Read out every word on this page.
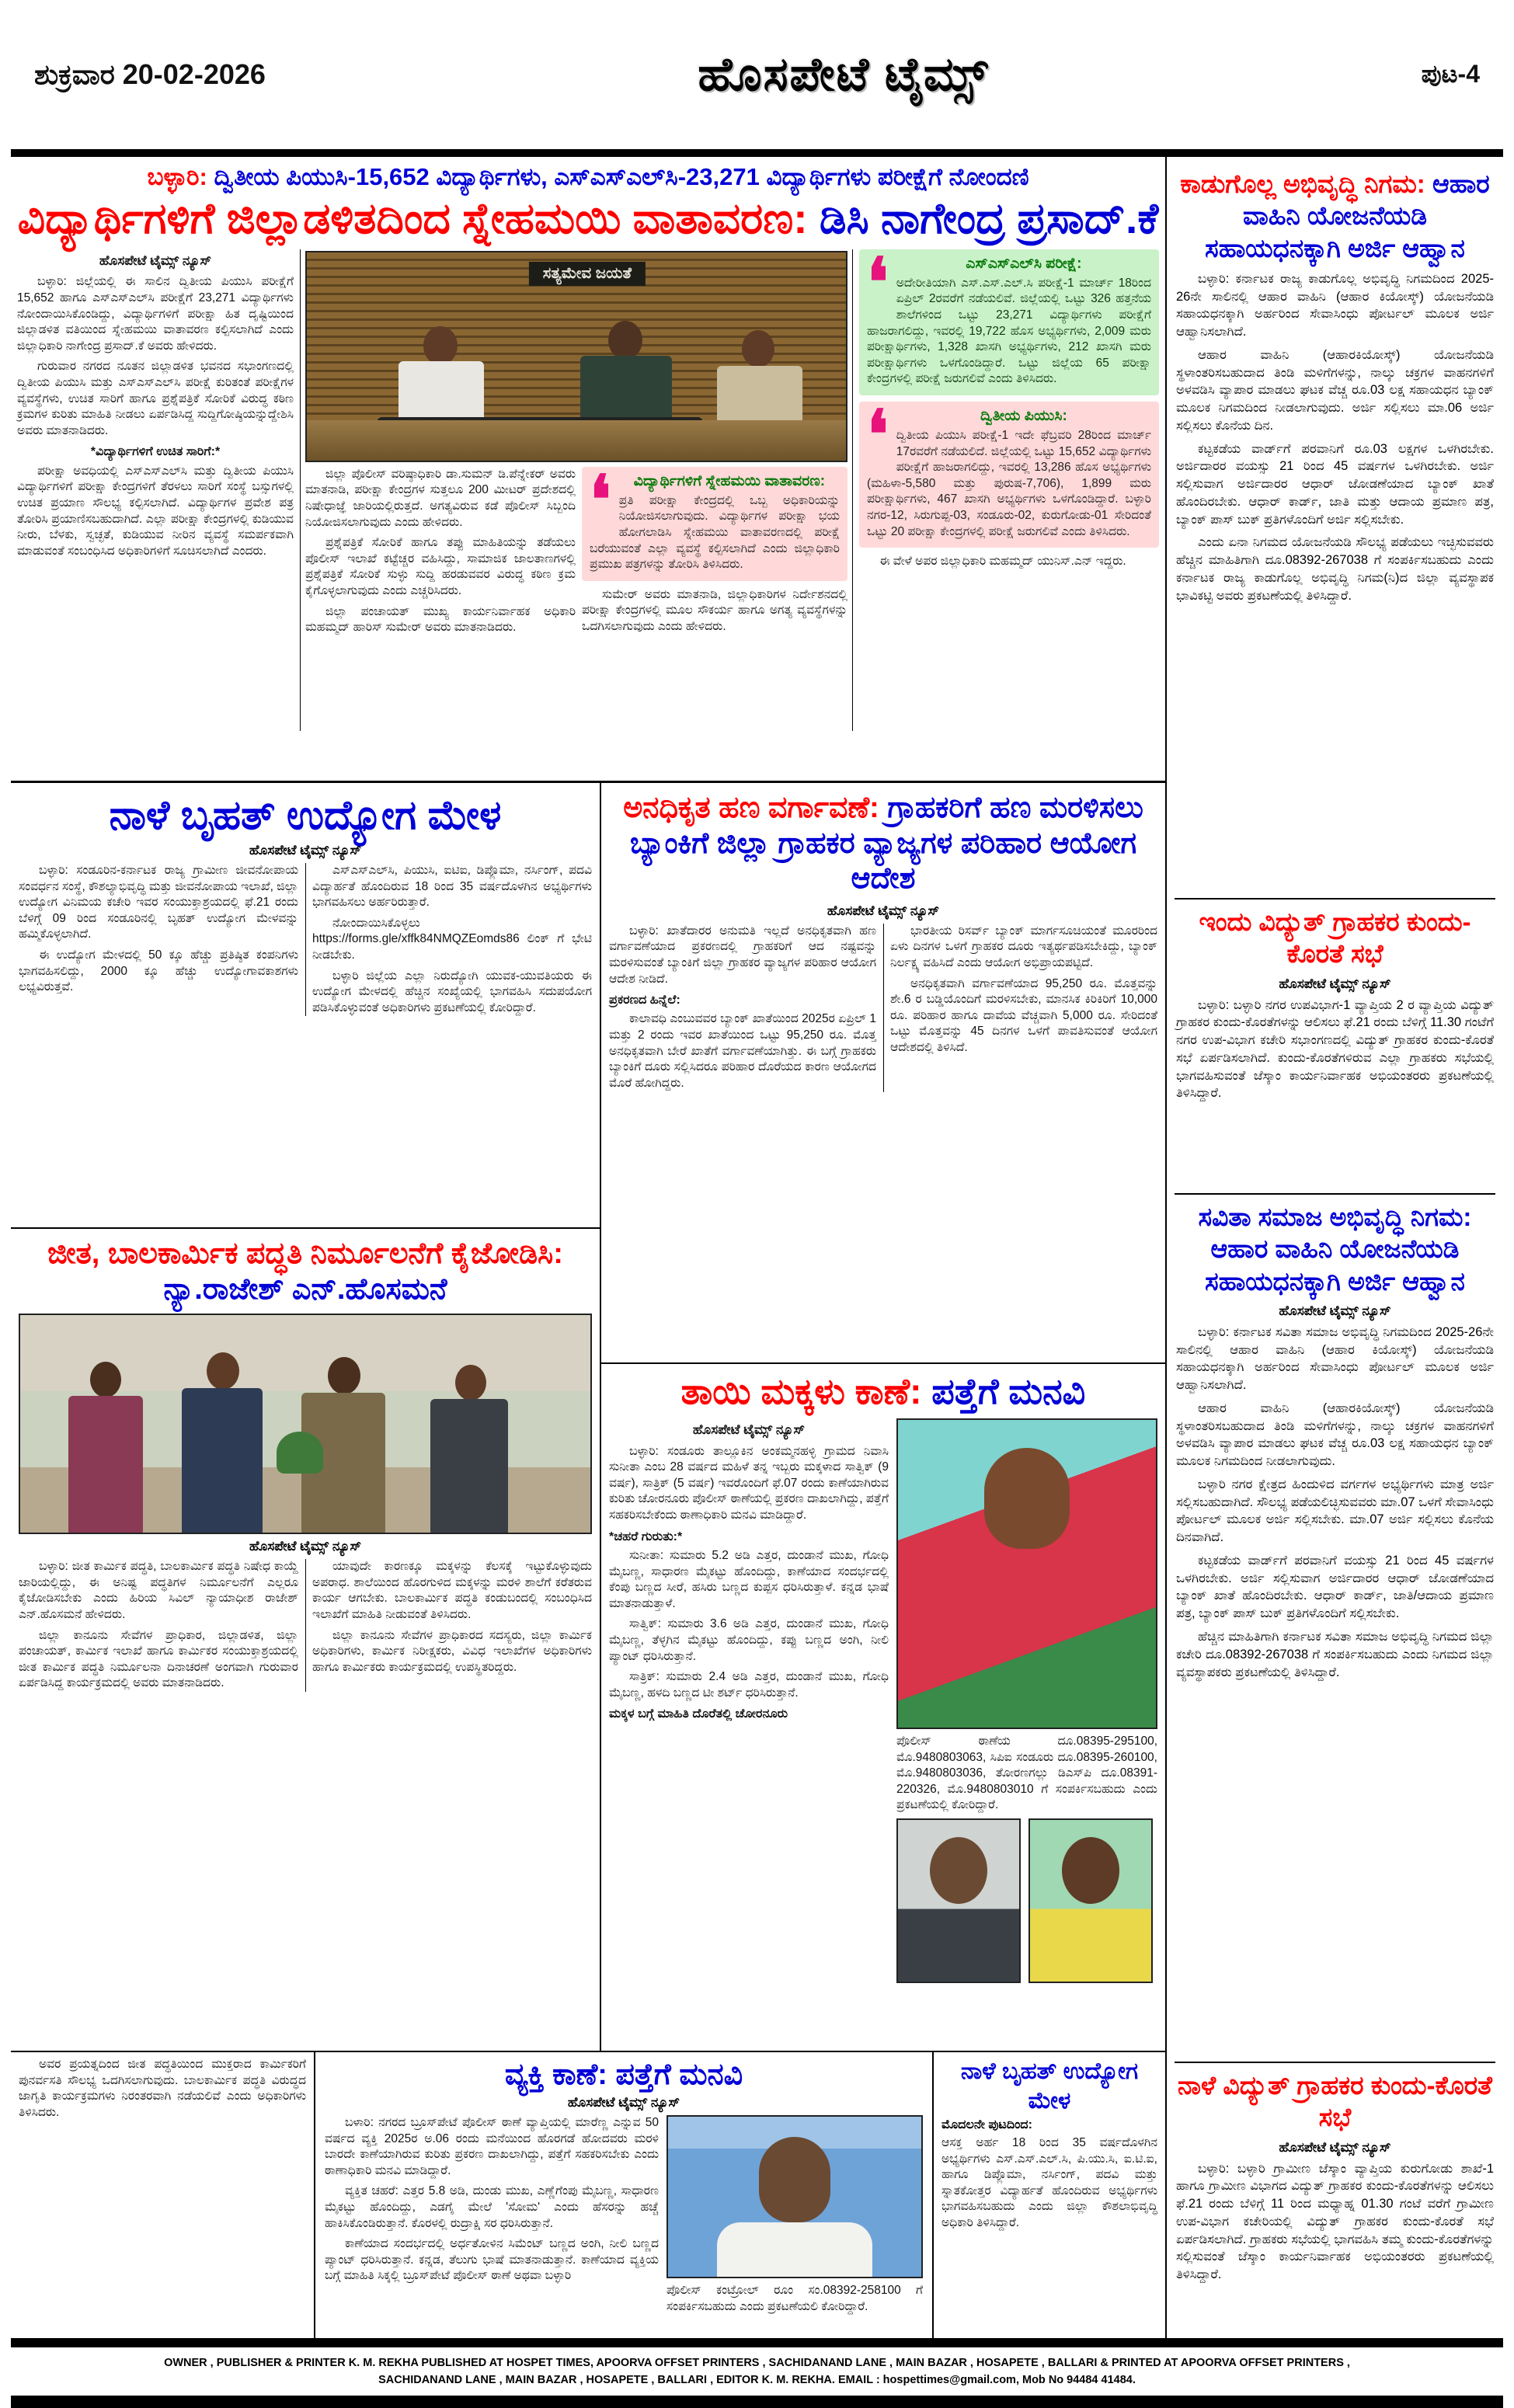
ಶುಕ್ರವಾರ 20-02-2026	ಹೊಸಪೇಟೆ ಟೈಮ್ಸ್	ಪುಟ-4
ಬಳ್ಳಾರಿ: ದ್ವಿತೀಯ ಪಿಯುಸಿ-15,652 ವಿದ್ಯಾರ್ಥಿಗಳು, ಎಸ್‌ಎಸ್‌ಎಲ್‌ಸಿ-23,271 ವಿದ್ಯಾರ್ಥಿಗಳು ಪರೀಕ್ಷೆಗೆ ನೋಂದಣಿ
ವಿದ್ಯಾರ್ಥಿಗಳಿಗೆ ಜಿಲ್ಲಾಡಳಿತದಿಂದ ಸ್ನೇಹಮಯಿ ವಾತಾವರಣ: ಡಿಸಿ ನಾಗೇಂದ್ರ ಪ್ರಸಾದ್.ಕೆ
ಹೊಸಪೇಟೆ ಟೈಮ್ಸ್ ನ್ಯೂಸ್

ಬಳ್ಳಾರಿ: ಜಿಲ್ಲೆಯಲ್ಲಿ ಈ ಸಾಲಿನ ದ್ವಿತೀಯ ಪಿಯುಸಿ ಪರೀಕ್ಷೆಗೆ 15,652 ಹಾಗೂ ಎಸ್‌ಎಸ್‌ಎಲ್‌ಸಿ ಪರೀಕ್ಷೆಗೆ 23,271 ವಿದ್ಯಾರ್ಥಿಗಳು ನೋಂದಾಯಿಸಿಕೊಂಡಿದ್ದು, ವಿದ್ಯಾರ್ಥಿಗಳಿಗೆ ಪರೀಕ್ಷಾ ಹಿತ ದೃಷ್ಟಿಯಿಂದ ಜಿಲ್ಲಾಡಳಿತ ವತಿಯಿಂದ ಸ್ನೇಹಮಯಿ ವಾತಾವರಣ ಕಲ್ಪಿಸಲಾಗಿದೆ ಎಂದು ಜಿಲ್ಲಾಧಿಕಾರಿ ನಾಗೇಂದ್ರ ಪ್ರಸಾದ್.ಕೆ ಅವರು ಹೇಳಿದರು.

ಗುರುವಾರ ನಗರದ ನೂತನ ಜಿಲ್ಲಾಡಳಿತ ಭವನದ ಸಭಾಂಗಣದಲ್ಲಿ ದ್ವಿತೀಯ ಪಿಯುಸಿ ಮತ್ತು ಎಸ್‌ಎಸ್‌ಎಲ್‌ಸಿ ಪರೀಕ್ಷೆ ಕುರಿತಂತೆ ಪರೀಕ್ಷೆಗಳ ವ್ಯವಸ್ಥೆಗಳು, ಉಚಿತ ಸಾರಿಗೆ ಹಾಗೂ ಪ್ರಶ್ನೆಪತ್ರಿಕೆ ಸೋರಿಕೆ ವಿರುದ್ಧ ಕಠಿಣ ಕ್ರಮಗಳ ಕುರಿತು ಮಾಹಿತಿ ನೀಡಲು ಏರ್ಪಡಿಸಿದ್ದ ಸುದ್ದಿಗೋಷ್ಠಿಯನ್ನುದ್ದೇಶಿಸಿ ಅವರು ಮಾತನಾಡಿದರು.

*ವಿದ್ಯಾರ್ಥಿಗಳಿಗೆ ಉಚಿತ ಸಾರಿಗೆ:*

ಪರೀಕ್ಷಾ ಅವಧಿಯಲ್ಲಿ ಎಸ್‌ಎಸ್‌ಎಲ್‌ಸಿ ಮತ್ತು ದ್ವಿತೀಯ ಪಿಯುಸಿ ವಿದ್ಯಾರ್ಥಿಗಳಿಗೆ ಪರೀಕ್ಷಾ ಕೇಂದ್ರಗಳಿಗೆ ತೆರಳಲು ಸಾರಿಗೆ ಸಂಸ್ಥೆ ಬಸ್ಸುಗಳಲ್ಲಿ ಉಚಿತ ಪ್ರಯಾಣ ಸೌಲಭ್ಯ ಕಲ್ಪಿಸಲಾಗಿದೆ. ವಿದ್ಯಾರ್ಥಿಗಳ ಪ್ರವೇಶ ಪತ್ರ ತೋರಿಸಿ ಪ್ರಯಾಣಿಸಬಹುದಾಗಿದೆ. ಎಲ್ಲಾ ಪರೀಕ್ಷಾ ಕೇಂದ್ರಗಳಲ್ಲಿ ಕುಡಿಯುವ ನೀರು, ಬೆಳಕು, ಸ್ವಚ್ಛತೆ, ಕುಡಿಯುವ ನೀರಿನ ವ್ಯವಸ್ಥೆ ಸಮರ್ಪಕವಾಗಿ ಮಾಡುವಂತೆ ಸಂಬಂಧಿಸಿದ ಅಧಿಕಾರಿಗಳಿಗೆ ಸೂಚಿಸಲಾಗಿದೆ ಎಂದರು.

ಸತ್ಯಮೇವ ಜಯತೆ

ಜಿಲ್ಲಾ ಪೊಲೀಸ್ ವರಿಷ್ಠಾಧಿಕಾರಿ ಡಾ.ಸುಮನ್ ಡಿ.ಪೆನ್ನೇಕರ್ ಅವರು ಮಾತನಾಡಿ, ಪರೀಕ್ಷಾ ಕೇಂದ್ರಗಳ ಸುತ್ತಲೂ 200 ಮೀಟರ್ ಪ್ರದೇಶದಲ್ಲಿ ನಿಷೇಧಾಜ್ಞೆ ಜಾರಿಯಲ್ಲಿರುತ್ತದೆ. ಅಗತ್ಯವಿರುವ ಕಡೆ ಪೊಲೀಸ್ ಸಿಬ್ಬಂದಿ ನಿಯೋಜಿಸಲಾಗುವುದು ಎಂದು ಹೇಳಿದರು.

ಪ್ರಶ್ನೆಪತ್ರಿಕೆ ಸೋರಿಕೆ ಹಾಗೂ ತಪ್ಪು ಮಾಹಿತಿಯನ್ನು ತಡೆಯಲು ಪೊಲೀಸ್ ಇಲಾಖೆ ಕಟ್ಟೆಚ್ಚರ ವಹಿಸಿದ್ದು, ಸಾಮಾಜಿಕ ಜಾಲತಾಣಗಳಲ್ಲಿ ಪ್ರಶ್ನೆಪತ್ರಿಕೆ ಸೋರಿಕೆ ಸುಳ್ಳು ಸುದ್ದಿ ಹರಡುವವರ ವಿರುದ್ಧ ಕಠಿಣ ಕ್ರಮ ಕೈಗೊಳ್ಳಲಾಗುವುದು ಎಂದು ಎಚ್ಚರಿಸಿದರು.

ಜಿಲ್ಲಾ ಪಂಚಾಯತ್ ಮುಖ್ಯ ಕಾರ್ಯನಿರ್ವಾಹಕ ಅಧಿಕಾರಿ ಮಹಮ್ಮದ್ ಹಾರಿಸ್ ಸುಮೇರ್ ಅವರು ಮಾತನಾಡಿದರು.

❛	ವಿದ್ಯಾರ್ಥಿಗಳಿಗೆ ಸ್ನೇಹಮಯಿ ವಾತಾವರಣ:
ಪ್ರತಿ ಪರೀಕ್ಷಾ ಕೇಂದ್ರದಲ್ಲಿ ಒಬ್ಬ ಅಧಿಕಾರಿಯನ್ನು ನಿಯೋಜಿಸಲಾಗುವುದು. ವಿದ್ಯಾರ್ಥಿಗಳ ಪರೀಕ್ಷಾ ಭಯ ಹೋಗಲಾಡಿಸಿ ಸ್ನೇಹಮಯಿ ವಾತಾವರಣದಲ್ಲಿ ಪರೀಕ್ಷೆ ಬರೆಯುವಂತೆ ಎಲ್ಲಾ ವ್ಯವಸ್ಥೆ ಕಲ್ಪಿಸಲಾಗಿದೆ ಎಂದು ಜಿಲ್ಲಾಧಿಕಾರಿ ಪ್ರಮುಖ ಪತ್ರಗಳನ್ನು ತೋರಿಸಿ ತಿಳಿಸಿದರು.

ಸುಮೇರ್ ಅವರು ಮಾತನಾಡಿ, ಜಿಲ್ಲಾಧಿಕಾರಿಗಳ ನಿರ್ದೇಶನದಲ್ಲಿ ಪರೀಕ್ಷಾ ಕೇಂದ್ರಗಳಲ್ಲಿ ಮೂಲ ಸೌಕರ್ಯ ಹಾಗೂ ಅಗತ್ಯ ವ್ಯವಸ್ಥೆಗಳನ್ನು ಒದಗಿಸಲಾಗುವುದು ಎಂದು ಹೇಳಿದರು.

❛	ಎಸ್‌ಎಸ್‌ಎಲ್‌ಸಿ ಪರೀಕ್ಷೆ:
ಅದೇರೀತಿಯಾಗಿ ಎಸ್.ಎಸ್.ಎಲ್.ಸಿ ಪರೀಕ್ಷೆ-1 ಮಾರ್ಚ್ 18ರಿಂದ ಏಪ್ರಿಲ್ 2ರವರೆಗೆ ನಡೆಯಲಿವೆ. ಜಿಲ್ಲೆಯಲ್ಲಿ ಒಟ್ಟು 326 ಹತ್ತನೆಯ ಶಾಲೆಗಳಿಂದ ಒಟ್ಟು 23,271 ವಿದ್ಯಾರ್ಥಿಗಳು ಪರೀಕ್ಷೆಗೆ ಹಾಜರಾಗಲಿದ್ದು, ಇವರಲ್ಲಿ 19,722 ಹೊಸ ಅಭ್ಯರ್ಥಿಗಳು, 2,009 ಮರು ಪರೀಕ್ಷಾರ್ಥಿಗಳು, 1,328 ಖಾಸಗಿ ಅಭ್ಯರ್ಥಿಗಳು, 212 ಖಾಸಗಿ ಮರು ಪರೀಕ್ಷಾರ್ಥಿಗಳು ಒಳಗೊಂಡಿದ್ದಾರೆ. ಒಟ್ಟು ಜಿಲ್ಲೆಯ 65 ಪರೀಕ್ಷಾ ಕೇಂದ್ರಗಳಲ್ಲಿ ಪರೀಕ್ಷೆ ಜರುಗಲಿವೆ ಎಂದು ತಿಳಿಸಿದರು.
❛	ದ್ವಿತೀಯ ಪಿಯುಸಿ:
ದ್ವಿತೀಯ ಪಿಯುಸಿ ಪರೀಕ್ಷೆ-1 ಇದೇ ಫೆಬ್ರವರಿ 28ರಿಂದ ಮಾರ್ಚ್ 17ರವರೆಗೆ ನಡೆಯಲಿದೆ. ಜಿಲ್ಲೆಯಲ್ಲಿ ಒಟ್ಟು 15,652 ವಿದ್ಯಾರ್ಥಿಗಳು ಪರೀಕ್ಷೆಗೆ ಹಾಜರಾಗಲಿದ್ದು, ಇವರಲ್ಲಿ 13,286 ಹೊಸ ಅಭ್ಯರ್ಥಿಗಳು (ಮಹಿಳಾ-5,580 ಮತ್ತು ಪುರುಷ-7,706), 1,899 ಮರು ಪರೀಕ್ಷಾರ್ಥಿಗಳು, 467 ಖಾಸಗಿ ಅಭ್ಯರ್ಥಿಗಳು ಒಳಗೊಂಡಿದ್ದಾರೆ. ಬಳ್ಳಾರಿ ನಗರ-12, ಸಿರುಗುಪ್ಪ-03, ಸಂಡೂರು-02, ಕುರುಗೋಡು-01 ಸೇರಿದಂತೆ ಒಟ್ಟು 20 ಪರೀಕ್ಷಾ ಕೇಂದ್ರಗಳಲ್ಲಿ ಪರೀಕ್ಷೆ ಜರುಗಲಿವೆ ಎಂದು ತಿಳಿಸಿದರು.

ಈ ವೇಳೆ ಅಪರ ಜಿಲ್ಲಾಧಿಕಾರಿ ಮಹಮ್ಮದ್ ಯುನಿಸ್.ಎನ್ ಇದ್ದರು.

ನಾಳೆ ಬೃಹತ್ ಉದ್ಯೋಗ ಮೇಳ
ಹೊಸಪೇಟೆ ಟೈಮ್ಸ್ ನ್ಯೂಸ್

ಬಳ್ಳಾರಿ: ಸಂಡೂರಿನ-ಕರ್ನಾಟಕ ರಾಜ್ಯ ಗ್ರಾಮೀಣ ಜೀವನೋಪಾಯ ಸಂವರ್ಧನ ಸಂಸ್ಥೆ, ಕೌಶಲ್ಯಾಭಿವೃದ್ಧಿ ಮತ್ತು ಜೀವನೋಪಾಯ ಇಲಾಖೆ, ಜಿಲ್ಲಾ ಉದ್ಯೋಗ ವಿನಿಮಯ ಕಚೇರಿ ಇವರ ಸಂಯುಕ್ತಾಶ್ರಯದಲ್ಲಿ ಫೆ.21 ರಂದು ಬೆಳಿಗ್ಗೆ 09 ರಿಂದ ಸಂಡೂರಿನಲ್ಲಿ ಬೃಹತ್ ಉದ್ಯೋಗ ಮೇಳವನ್ನು ಹಮ್ಮಿಕೊಳ್ಳಲಾಗಿದೆ.

ಈ ಉದ್ಯೋಗ ಮೇಳದಲ್ಲಿ 50 ಕ್ಕೂ ಹೆಚ್ಚು ಪ್ರತಿಷ್ಠಿತ ಕಂಪನಿಗಳು ಭಾಗವಹಿಸಲಿದ್ದು, 2000 ಕ್ಕೂ ಹೆಚ್ಚು ಉದ್ಯೋಗಾವಕಾಶಗಳು ಲಭ್ಯವಿರುತ್ತವೆ.

ಎಸ್‌ಎಸ್‌ಎಲ್‌ಸಿ, ಪಿಯುಸಿ, ಐಟಿಐ, ಡಿಪ್ಲೊಮಾ, ನರ್ಸಿಂಗ್, ಪದವಿ ವಿದ್ಯಾರ್ಹತೆ ಹೊಂದಿರುವ 18 ರಿಂದ 35 ವರ್ಷದೊಳಗಿನ ಅಭ್ಯರ್ಥಿಗಳು ಭಾಗವಹಿಸಲು ಅರ್ಹರಿರುತ್ತಾರೆ.

ನೋಂದಾಯಿಸಿಕೊಳ್ಳಲು https://forms.gle/xffk84NMQZEomds86 ಲಿಂಕ್ ಗೆ ಭೇಟಿ ನೀಡಬೇಕು.

ಬಳ್ಳಾರಿ ಜಿಲ್ಲೆಯ ಎಲ್ಲಾ ನಿರುದ್ಯೋಗಿ ಯುವಕ-ಯುವತಿಯರು ಈ ಉದ್ಯೋಗ ಮೇಳದಲ್ಲಿ ಹೆಚ್ಚಿನ ಸಂಖ್ಯೆಯಲ್ಲಿ ಭಾಗವಹಿಸಿ ಸದುಪಯೋಗ ಪಡಿಸಿಕೊಳ್ಳುವಂತೆ ಅಧಿಕಾರಿಗಳು ಪ್ರಕಟಣೆಯಲ್ಲಿ ಕೋರಿದ್ದಾರೆ.

ಜೀತ, ಬಾಲಕಾರ್ಮಿಕ ಪದ್ಧತಿ ನಿರ್ಮೂಲನೆಗೆ ಕೈಜೋಡಿಸಿ:
ನ್ಯಾ.ರಾಜೇಶ್ ಎನ್.ಹೊಸಮನೆ
ಹೊಸಪೇಟೆ ಟೈಮ್ಸ್ ನ್ಯೂಸ್

ಬಳ್ಳಾರಿ: ಜೀತ ಕಾರ್ಮಿಕ ಪದ್ಧತಿ, ಬಾಲಕಾರ್ಮಿಕ ಪದ್ಧತಿ ನಿಷೇಧ ಕಾಯ್ದೆ ಜಾರಿಯಲ್ಲಿದ್ದು, ಈ ಅನಿಷ್ಟ ಪದ್ಧತಿಗಳ ನಿರ್ಮೂಲನೆಗೆ ಎಲ್ಲರೂ ಕೈಜೋಡಿಸಬೇಕು ಎಂದು ಹಿರಿಯ ಸಿವಿಲ್ ನ್ಯಾಯಾಧೀಶ ರಾಜೇಶ್ ಎನ್.ಹೊಸಮನೆ ಹೇಳಿದರು.

ಜಿಲ್ಲಾ ಕಾನೂನು ಸೇವೆಗಳ ಪ್ರಾಧಿಕಾರ, ಜಿಲ್ಲಾಡಳಿತ, ಜಿಲ್ಲಾ ಪಂಚಾಯತ್, ಕಾರ್ಮಿಕ ಇಲಾಖೆ ಹಾಗೂ ಕಾರ್ಮಿಕರ ಸಂಯುಕ್ತಾಶ್ರಯದಲ್ಲಿ ಜೀತ ಕಾರ್ಮಿಕ ಪದ್ಧತಿ ನಿರ್ಮೂಲನಾ ದಿನಾಚರಣೆ ಅಂಗವಾಗಿ ಗುರುವಾರ ಏರ್ಪಡಿಸಿದ್ದ ಕಾರ್ಯಕ್ರಮದಲ್ಲಿ ಅವರು ಮಾತನಾಡಿದರು.

ಯಾವುದೇ ಕಾರಣಕ್ಕೂ ಮಕ್ಕಳನ್ನು ಕೆಲಸಕ್ಕೆ ಇಟ್ಟುಕೊಳ್ಳುವುದು ಅಪರಾಧ. ಶಾಲೆಯಿಂದ ಹೊರಗುಳಿದ ಮಕ್ಕಳನ್ನು ಮರಳಿ ಶಾಲೆಗೆ ಕರೆತರುವ ಕಾರ್ಯ ಆಗಬೇಕು. ಬಾಲಕಾರ್ಮಿಕ ಪದ್ಧತಿ ಕಂಡುಬಂದಲ್ಲಿ ಸಂಬಂಧಿಸಿದ ಇಲಾಖೆಗೆ ಮಾಹಿತಿ ನೀಡುವಂತೆ ತಿಳಿಸಿದರು.

ಜಿಲ್ಲಾ ಕಾನೂನು ಸೇವೆಗಳ ಪ್ರಾಧಿಕಾರದ ಸದಸ್ಯರು, ಜಿಲ್ಲಾ ಕಾರ್ಮಿಕ ಅಧಿಕಾರಿಗಳು, ಕಾರ್ಮಿಕ ನಿರೀಕ್ಷಕರು, ವಿವಿಧ ಇಲಾಖೆಗಳ ಅಧಿಕಾರಿಗಳು ಹಾಗೂ ಕಾರ್ಮಿಕರು ಕಾರ್ಯಕ್ರಮದಲ್ಲಿ ಉಪಸ್ಥಿತರಿದ್ದರು.

ಅನಧಿಕೃತ ಹಣ ವರ್ಗಾವಣೆ: ಗ್ರಾಹಕರಿಗೆ ಹಣ ಮರಳಿಸಲು ಬ್ಯಾಂಕಿಗೆ ಜಿಲ್ಲಾ ಗ್ರಾಹಕರ ವ್ಯಾಜ್ಯಗಳ ಪರಿಹಾರ ಆಯೋಗ ಆದೇಶ
ಹೊಸಪೇಟೆ ಟೈಮ್ಸ್ ನ್ಯೂಸ್

ಬಳ್ಳಾರಿ: ಖಾತೆದಾರರ ಅನುಮತಿ ಇಲ್ಲದೆ ಅನಧಿಕೃತವಾಗಿ ಹಣ ವರ್ಗಾವಣೆಯಾದ ಪ್ರಕರಣದಲ್ಲಿ ಗ್ರಾಹಕರಿಗೆ ಆದ ನಷ್ಟವನ್ನು ಮರಳಿಸುವಂತೆ ಬ್ಯಾಂಕಿಗೆ ಜಿಲ್ಲಾ ಗ್ರಾಹಕರ ವ್ಯಾಜ್ಯಗಳ ಪರಿಹಾರ ಆಯೋಗ ಆದೇಶ ನೀಡಿದೆ.

ಪ್ರಕರಣದ ಹಿನ್ನೆಲೆ:

ಕಾಲಾವಧಿ ಎಂಬುವವರ ಬ್ಯಾಂಕ್ ಖಾತೆಯಿಂದ 2025ರ ಏಪ್ರಿಲ್ 1 ಮತ್ತು 2 ರಂದು ಇವರ ಖಾತೆಯಿಂದ ಒಟ್ಟು 95,250 ರೂ. ಮೊತ್ತ ಅನಧಿಕೃತವಾಗಿ ಬೇರೆ ಖಾತೆಗೆ ವರ್ಗಾವಣೆಯಾಗಿತ್ತು. ಈ ಬಗ್ಗೆ ಗ್ರಾಹಕರು ಬ್ಯಾಂಕಿಗೆ ದೂರು ಸಲ್ಲಿಸಿದರೂ ಪರಿಹಾರ ದೊರೆಯದ ಕಾರಣ ಆಯೋಗದ ಮೊರೆ ಹೋಗಿದ್ದರು.

ಭಾರತೀಯ ರಿಸರ್ವ್ ಬ್ಯಾಂಕ್ ಮಾರ್ಗಸೂಚಿಯಂತೆ ಮೂರರಿಂದ ಏಳು ದಿನಗಳ ಒಳಗೆ ಗ್ರಾಹಕರ ದೂರು ಇತ್ಯರ್ಥಪಡಿಸಬೇಕಿದ್ದು, ಬ್ಯಾಂಕ್ ನಿರ್ಲಕ್ಷ್ಯ ವಹಿಸಿದೆ ಎಂದು ಆಯೋಗ ಅಭಿಪ್ರಾಯಪಟ್ಟಿದೆ.

ಅನಧಿಕೃತವಾಗಿ ವರ್ಗಾವಣೆಯಾದ 95,250 ರೂ. ಮೊತ್ತವನ್ನು ಶೇ.6 ರ ಬಡ್ಡಿಯೊಂದಿಗೆ ಮರಳಿಸಬೇಕು, ಮಾನಸಿಕ ಕಿರಿಕಿರಿಗೆ 10,000 ರೂ. ಪರಿಹಾರ ಹಾಗೂ ದಾವೆಯ ವೆಚ್ಚವಾಗಿ 5,000 ರೂ. ಸೇರಿದಂತೆ ಒಟ್ಟು ಮೊತ್ತವನ್ನು 45 ದಿನಗಳ ಒಳಗೆ ಪಾವತಿಸುವಂತೆ ಆಯೋಗ ಆದೇಶದಲ್ಲಿ ತಿಳಿಸಿದೆ.

ತಾಯಿ ಮಕ್ಕಳು ಕಾಣೆ: ಪತ್ತೆಗೆ ಮನವಿ
ಹೊಸಪೇಟೆ ಟೈಮ್ಸ್ ನ್ಯೂಸ್

ಬಳ್ಳಾರಿ: ಸಂಡೂರು ತಾಲ್ಲೂಕಿನ ಅಂಕಮ್ಮನಹಳ್ಳಿ ಗ್ರಾಮದ ನಿವಾಸಿ ಸುನೀತಾ ಎಂಬ 28 ವರ್ಷದ ಮಹಿಳೆ ತನ್ನ ಇಬ್ಬರು ಮಕ್ಕಳಾದ ಸಾತ್ವಿಕ್ (9 ವರ್ಷ), ಸಾತ್ರಿಕ್ (5 ವರ್ಷ) ಇವರೊಂದಿಗೆ ಫೆ.07 ರಂದು ಕಾಣೆಯಾಗಿರುವ ಕುರಿತು ಚೋರನೂರು ಪೊಲೀಸ್ ಠಾಣೆಯಲ್ಲಿ ಪ್ರಕರಣ ದಾಖಲಾಗಿದ್ದು, ಪತ್ತೆಗೆ ಸಹಕರಿಸಬೇಕೆಂದು ಠಾಣಾಧಿಕಾರಿ ಮನವಿ ಮಾಡಿದ್ದಾರೆ.

*ಚಹರೆ ಗುರುತು:*

ಸುನೀತಾ: ಸುಮಾರು 5.2 ಅಡಿ ಎತ್ತರ, ದುಂಡಾನೆ ಮುಖ, ಗೋಧಿ ಮೈಬಣ್ಣ, ಸಾಧಾರಣ ಮೈಕಟ್ಟು ಹೊಂದಿದ್ದು, ಕಾಣೆಯಾದ ಸಂದರ್ಭದಲ್ಲಿ ಕೆಂಪು ಬಣ್ಣದ ಸೀರೆ, ಹಸಿರು ಬಣ್ಣದ ಕುಪ್ಪಸ ಧರಿಸಿರುತ್ತಾಳೆ. ಕನ್ನಡ ಭಾಷೆ ಮಾತನಾಡುತ್ತಾಳೆ.

ಸಾತ್ವಿಕ್: ಸುಮಾರು 3.6 ಅಡಿ ಎತ್ತರ, ದುಂಡಾನೆ ಮುಖ, ಗೋಧಿ ಮೈಬಣ್ಣ, ತೆಳ್ಳಗಿನ ಮೈಕಟ್ಟು ಹೊಂದಿದ್ದು, ಕಪ್ಪು ಬಣ್ಣದ ಅಂಗಿ, ನೀಲಿ ಪ್ಯಾಂಟ್ ಧರಿಸಿರುತ್ತಾನೆ.

ಸಾತ್ರಿಕ್: ಸುಮಾರು 2.4 ಅಡಿ ಎತ್ತರ, ದುಂಡಾನೆ ಮುಖ, ಗೋಧಿ ಮೈಬಣ್ಣ, ಹಳದಿ ಬಣ್ಣದ ಟೀ ಶರ್ಟ್ ಧರಿಸಿರುತ್ತಾನೆ.

ಮಕ್ಕಳ ಬಗ್ಗೆ ಮಾಹಿತಿ ದೊರೆತಲ್ಲಿ ಚೋರನೂರು

ಪೊಲೀಸ್ ಠಾಣೆಯ ದೂ.08395-295100, ಮೊ.9480803063, ಸಿಪಿಐ ಸಂಡೂರು ದೂ.08395-260100, ಮೊ.9480803036, ತೋರಣಗಲ್ಲು ಡಿಎಸ್‌ಪಿ ದೂ.08391-220326, ಮೊ.9480803010 ಗೆ ಸಂಪರ್ಕಿಸಬಹುದು ಎಂದು ಪ್ರಕಟಣೆಯಲ್ಲಿ ಕೋರಿದ್ದಾರೆ.

ಅವರ ಪ್ರಯತ್ನದಿಂದ ಜೀತ ಪದ್ಧತಿಯಿಂದ ಮುಕ್ತರಾದ ಕಾರ್ಮಿಕರಿಗೆ ಪುನರ್ವಸತಿ ಸೌಲಭ್ಯ ಒದಗಿಸಲಾಗುವುದು. ಬಾಲಕಾರ್ಮಿಕ ಪದ್ಧತಿ ವಿರುದ್ಧದ ಜಾಗೃತಿ ಕಾರ್ಯಕ್ರಮಗಳು ನಿರಂತರವಾಗಿ ನಡೆಯಲಿವೆ ಎಂದು ಅಧಿಕಾರಿಗಳು ತಿಳಿಸಿದರು.

ವ್ಯಕ್ತಿ ಕಾಣೆ: ಪತ್ತೆಗೆ ಮನವಿ
ಹೊಸಪೇಟೆ ಟೈಮ್ಸ್ ನ್ಯೂಸ್

ಬಳಾರಿ: ನಗರದ ಬ್ರೂಸ್‌ಪೇಟೆ ಪೊಲೀಸ್ ಠಾಣೆ ವ್ಯಾಪ್ತಿಯಲ್ಲಿ ಮಾರೆಣ್ಣ ಎನ್ನುವ 50 ವರ್ಷದ ವ್ಯಕ್ತಿ 2025ರ ಅ.06 ರಂದು ಮನೆಯಿಂದ ಹೊರಗಡೆ ಹೋದವರು ಮರಳಿ ಬಾರದೇ ಕಾಣೆಯಾಗಿರುವ ಕುರಿತು ಪ್ರಕರಣ ದಾಖಲಾಗಿದ್ದು, ಪತ್ತೆಗೆ ಸಹಕರಿಸಬೇಕು ಎಂದು ಠಾಣಾಧಿಕಾರಿ ಮನವಿ ಮಾಡಿದ್ದಾರೆ.

ವ್ಯಕ್ತಿತ ಚಹರೆ: ಎತ್ತರ 5.8 ಅಡಿ, ದುಂಡು ಮುಖ, ಎಣ್ಣೆಗೆಂಪು ಮೈಬಣ್ಣ, ಸಾಧಾರಣ ಮೈಕಟ್ಟು ಹೊಂದಿದ್ದು, ಎಡಗೈ ಮೇಲೆ 'ಸೋಮ' ಎಂದು ಹೆಸರನ್ನು ಹಚ್ಚೆ ಹಾಕಿಸಿಕೊಂಡಿರುತ್ತಾನೆ. ಕೊರಳಲ್ಲಿ ರುದ್ರಾಕ್ಷಿ ಸರ ಧರಿಸಿರುತ್ತಾನೆ.

ಕಾಣೆಯಾದ ಸಂದರ್ಭದಲ್ಲಿ ಅರ್ಧತೋಳಿನ ಸಿಮೆಂಟ್ ಬಣ್ಣದ ಅಂಗಿ, ನೀಲಿ ಬಣ್ಣದ ಪ್ಯಾಂಟ್ ಧರಿಸಿರುತ್ತಾನೆ. ಕನ್ನಡ, ತೆಲುಗು ಭಾಷೆ ಮಾತನಾಡುತ್ತಾನೆ. ಕಾಣೆಯಾದ ವ್ಯಕ್ತಿಯ ಬಗ್ಗೆ ಮಾಹಿತಿ ಸಿಕ್ಕಲ್ಲಿ ಬ್ರೂಸ್‌ಪೇಟೆ ಪೊಲೀಸ್ ಠಾಣೆ ಅಥವಾ ಬಳ್ಳಾರಿ

ಪೊಲೀಸ್ ಕಂಟ್ರೋಲ್ ರೂಂ ಸಂ.08392-258100 ಗೆ ಸಂಪರ್ಕಿಸಬಹುದು ಎಂದು ಪ್ರಕಟಣೆಯಲಿ ಕೋರಿದ್ದಾರೆ.

ನಾಳೆ ಬೃಹತ್ ಉದ್ಯೋಗ ಮೇಳ
ಮೊದಲನೇ ಪುಟದಿಂದ:

ಆಸಕ್ತ ಅರ್ಹ 18 ರಿಂದ 35 ವರ್ಷದೊಳಗಿನ ಅಭ್ಯರ್ಥಿಗಳು ಎಸ್.ಎಸ್.ಎಲ್.ಸಿ, ಪಿ.ಯು.ಸಿ, ಐ.ಟಿ.ಐ, ಹಾಗೂ ಡಿಪ್ಲೊಮಾ, ನರ್ಸಿಂಗ್, ಪದವಿ ಮತ್ತು ಸ್ನಾತಕೋತ್ತರ ವಿದ್ಯಾರ್ಹತೆ ಹೊಂದಿರುವ ಅಭ್ಯರ್ಥಿಗಳು ಭಾಗವಹಿಸಬಹುದು ಎಂದು ಜಿಲ್ಲಾ ಕೌಶಲಾಭಿವೃದ್ಧಿ ಅಧಿಕಾರಿ ತಿಳಿಸಿದ್ದಾರೆ.

ಕಾಡುಗೊಲ್ಲ ಅಭಿವೃದ್ಧಿ ನಿಗಮ: ಆಹಾರ ವಾಹಿನಿ ಯೋಜನೆಯಡಿ ಸಹಾಯಧನಕ್ಕಾಗಿ ಅರ್ಜಿ ಆಹ್ವಾನ

ಬಳ್ಳಾರಿ: ಕರ್ನಾಟಕ ರಾಜ್ಯ ಕಾಡುಗೊಲ್ಲ ಅಭಿವೃದ್ಧಿ ನಿಗಮದಿಂದ 2025-26ನೇ ಸಾಲಿನಲ್ಲಿ ಆಹಾರ ವಾಹಿನಿ (ಆಹಾರ ಕಿಯೋಸ್ಕ್) ಯೋಜನೆಯಡಿ ಸಹಾಯಧನಕ್ಕಾಗಿ ಅರ್ಹರಿಂದ ಸೇವಾಸಿಂಧು ಪೋರ್ಟಲ್ ಮೂಲಕ ಅರ್ಜಿ ಆಹ್ವಾನಿಸಲಾಗಿದೆ.

ಆಹಾರ ವಾಹಿನಿ (ಆಹಾರಕಿಯೋಸ್ಕ್) ಯೋಜನೆಯಡಿ ಸ್ಥಳಾಂತರಿಸಬಹುದಾದ ತಿಂಡಿ ಮಳಿಗೆಗಳನ್ನು, ನಾಲ್ಕು ಚಕ್ರಗಳ ವಾಹನಗಳಿಗೆ ಅಳವಡಿಸಿ ವ್ಯಾಪಾರ ಮಾಡಲು ಘಟಕ ವೆಚ್ಚ ರೂ.03 ಲಕ್ಷ ಸಹಾಯಧನ ಬ್ಯಾಂಕ್ ಮೂಲಕ ನಿಗಮದಿಂದ ನೀಡಲಾಗುವುದು. ಅರ್ಜಿ ಸಲ್ಲಿಸಲು ಮಾ.06 ಅರ್ಜಿ ಸಲ್ಲಿಸಲು ಕೊನೆಯ ದಿನ.

ಕಟ್ಟಕಡೆಯ ವಾರ್ಡ್‌ಗೆ ಪರವಾನಿಗೆ ರೂ.03 ಲಕ್ಷಗಳ ಒಳಗಿರಬೇಕು. ಅರ್ಜಿದಾರರ ವಯಸ್ಸು 21 ರಿಂದ 45 ವರ್ಷಗಳ ಒಳಗಿರಬೇಕು. ಅರ್ಜಿ ಸಲ್ಲಿಸುವಾಗ ಅರ್ಜಿದಾರರ ಆಧಾರ್ ಜೋಡಣೆಯಾದ ಬ್ಯಾಂಕ್ ಖಾತೆ ಹೊಂದಿರಬೇಕು. ಆಧಾರ್ ಕಾರ್ಡ್, ಜಾತಿ ಮತ್ತು ಆದಾಯ ಪ್ರಮಾಣ ಪತ್ರ, ಬ್ಯಾಂಕ್ ಪಾಸ್ ಬುಕ್ ಪ್ರತಿಗಳೊಂದಿಗೆ ಅರ್ಜಿ ಸಲ್ಲಿಸಬೇಕು.

ಎಂದು ಏನಾ ನಿಗಮದ ಯೋಜನೆಯಡಿ ಸೌಲಭ್ಯ ಪಡೆಯಲು ಇಚ್ಛಿಸುವವರು ಹೆಚ್ಚಿನ ಮಾಹಿತಿಗಾಗಿ ದೂ.08392-267038 ಗೆ ಸಂಪರ್ಕಿಸಬಹುದು ಎಂದು ಕರ್ನಾಟಕ ರಾಜ್ಯ ಕಾಡುಗೊಲ್ಲ ಅಭಿವೃದ್ಧಿ ನಿಗಮ(ನಿ)ದ ಜಿಲ್ಲಾ ವ್ಯವಸ್ಥಾಪಕ ಭಾವಿಕಟ್ಟಿ ಅವರು ಪ್ರಕಟಣೆಯಲ್ಲಿ ತಿಳಿಸಿದ್ದಾರೆ.

ಇಂದು ವಿದ್ಯುತ್ ಗ್ರಾಹಕರ ಕುಂದು-ಕೊರತೆ ಸಭೆ
ಹೊಸಪೇಟೆ ಟೈಮ್ಸ್ ನ್ಯೂಸ್

ಬಳ್ಳಾರಿ: ಬಳ್ಳಾರಿ ನಗರ ಉಪವಿಭಾಗ-1 ವ್ಯಾಪ್ತಿಯ 2 ರ ವ್ಯಾಪ್ತಿಯ ವಿದ್ಯುತ್ ಗ್ರಾಹಕರ ಕುಂದು-ಕೊರತೆಗಳನ್ನು ಆಲಿಸಲು ಫೆ.21 ರಂದು ಬೆಳಿಗ್ಗೆ 11.30 ಗಂಟೆಗೆ ನಗರ ಉಪ-ವಿಭಾಗ ಕಚೇರಿ ಸಭಾಂಗಣದಲ್ಲಿ ವಿದ್ಯುತ್ ಗ್ರಾಹಕರ ಕುಂದು-ಕೊರತೆ ಸಭೆ ಏರ್ಪಡಿಸಲಾಗಿದೆ. ಕುಂದು-ಕೊರತೆಗಳಿರುವ ಎಲ್ಲಾ ಗ್ರಾಹಕರು ಸಭೆಯಲ್ಲಿ ಭಾಗವಹಿಸುವಂತೆ ಜೆಸ್ಕಾಂ ಕಾರ್ಯನಿರ್ವಾಹಕ ಅಭಿಯಂತರರು ಪ್ರಕಟಣೆಯಲ್ಲಿ ತಿಳಿಸಿದ್ದಾರೆ.

ಸವಿತಾ ಸಮಾಜ ಅಭಿವೃದ್ಧಿ ನಿಗಮ: ಆಹಾರ ವಾಹಿನಿ ಯೋಜನೆಯಡಿ ಸಹಾಯಧನಕ್ಕಾಗಿ ಅರ್ಜಿ ಆಹ್ವಾನ
ಹೊಸಪೇಟೆ ಟೈಮ್ಸ್ ನ್ಯೂಸ್

ಬಳ್ಳಾರಿ: ಕರ್ನಾಟಕ ಸವಿತಾ ಸಮಾಜ ಅಭಿವೃದ್ಧಿ ನಿಗಮದಿಂದ 2025-26ನೇ ಸಾಲಿನಲ್ಲಿ ಆಹಾರ ವಾಹಿನಿ (ಆಹಾರ ಕಿಯೋಸ್ಕ್) ಯೋಜನೆಯಡಿ ಸಹಾಯಧನಕ್ಕಾಗಿ ಅರ್ಹರಿಂದ ಸೇವಾಸಿಂಧು ಪೋರ್ಟಲ್ ಮೂಲಕ ಅರ್ಜಿ ಆಹ್ವಾನಿಸಲಾಗಿದೆ.

ಆಹಾರ ವಾಹಿನಿ (ಆಹಾರಕಿಯೋಸ್ಕ್) ಯೋಜನೆಯಡಿ ಸ್ಥಳಾಂತರಿಸಬಹುದಾದ ತಿಂಡಿ ಮಳಿಗೆಗಳನ್ನು, ನಾಲ್ಕು ಚಕ್ರಗಳ ವಾಹನಗಳಿಗೆ ಅಳವಡಿಸಿ ವ್ಯಾಪಾರ ಮಾಡಲು ಘಟಕ ವೆಚ್ಚ ರೂ.03 ಲಕ್ಷ ಸಹಾಯಧನ ಬ್ಯಾಂಕ್ ಮೂಲಕ ನಿಗಮದಿಂದ ನೀಡಲಾಗುವುದು.

ಬಳ್ಳಾರಿ ನಗರ ಕ್ಷೇತ್ರದ ಹಿಂದುಳಿದ ವರ್ಗಗಳ ಅಭ್ಯರ್ಥಿಗಳು ಮಾತ್ರ ಅರ್ಜಿ ಸಲ್ಲಿಸಬಹುದಾಗಿದೆ. ಸೌಲಭ್ಯ ಪಡೆಯಲಿಚ್ಛಿಸುವವರು ಮಾ.07 ಒಳಗೆ ಸೇವಾಸಿಂಧು ಪೋರ್ಟಲ್ ಮೂಲಕ ಅರ್ಜಿ ಸಲ್ಲಿಸಬೇಕು. ಮಾ.07 ಅರ್ಜಿ ಸಲ್ಲಿಸಲು ಕೊನೆಯ ದಿನವಾಗಿದೆ.

ಕಟ್ಟಕಡೆಯ ವಾರ್ಡ್‌ಗೆ ಪರವಾನಿಗೆ ವಯಸ್ಸು 21 ರಿಂದ 45 ವರ್ಷಗಳ ಒಳಗಿರಬೇಕು. ಅರ್ಜಿ ಸಲ್ಲಿಸುವಾಗ ಅರ್ಜಿದಾರರ ಆಧಾರ್ ಜೋಡಣೆಯಾದ ಬ್ಯಾಂಕ್ ಖಾತೆ ಹೊಂದಿರಬೇಕು. ಆಧಾರ್ ಕಾರ್ಡ್, ಜಾತಿ/ಆದಾಯ ಪ್ರಮಾಣ ಪತ್ರ, ಬ್ಯಾಂಕ್ ಪಾಸ್ ಬುಕ್ ಪ್ರತಿಗಳೊಂದಿಗೆ ಸಲ್ಲಿಸಬೇಕು.

ಹೆಚ್ಚಿನ ಮಾಹಿತಿಗಾಗಿ ಕರ್ನಾಟಕ ಸವಿತಾ ಸಮಾಜ ಅಭಿವೃದ್ಧಿ ನಿಗಮದ ಜಿಲ್ಲಾ ಕಚೇರಿ ದೂ.08392-267038 ಗೆ ಸಂಪರ್ಕಿಸಬಹುದು ಎಂದು ನಿಗಮದ ಜಿಲ್ಲಾ ವ್ಯವಸ್ಥಾಪಕರು ಪ್ರಕಟಣೆಯಲ್ಲಿ ತಿಳಿಸಿದ್ದಾರೆ.

ನಾಳೆ ವಿದ್ಯುತ್ ಗ್ರಾಹಕರ ಕುಂದು-ಕೊರತೆ ಸಭೆ
ಹೊಸಪೇಟೆ ಟೈಮ್ಸ್ ನ್ಯೂಸ್

ಬಳ್ಳಾರಿ: ಬಳ್ಳಾರಿ ಗ್ರಾಮೀಣ ಜೆಸ್ಕಾಂ ವ್ಯಾಪ್ತಿಯ ಕುರುಗೋಡು ಶಾಖೆ-1 ಹಾಗೂ ಗ್ರಾಮೀಣ ವಿಭಾಗದ ವಿದ್ಯುತ್ ಗ್ರಾಹಕರ ಕುಂದು-ಕೊರತೆಗಳನ್ನು ಆಲಿಸಲು ಫೆ.21 ರಂದು ಬೆಳಿಗ್ಗೆ 11 ರಿಂದ ಮಧ್ಯಾಹ್ನ 01.30 ಗಂಟೆ ವರೆಗೆ ಗ್ರಾಮೀಣ ಉಪ-ವಿಭಾಗ ಕಚೇರಿಯಲ್ಲಿ ವಿದ್ಯುತ್ ಗ್ರಾಹಕರ ಕುಂದು-ಕೊರತೆ ಸಭೆ ಏರ್ಪಡಿಸಲಾಗಿದೆ. ಗ್ರಾಹಕರು ಸಭೆಯಲ್ಲಿ ಭಾಗವಹಿಸಿ ತಮ್ಮ ಕುಂದು-ಕೊರತೆಗಳನ್ನು ಸಲ್ಲಿಸುವಂತೆ ಜೆಸ್ಕಾಂ ಕಾರ್ಯನಿರ್ವಾಹಕ ಅಭಿಯಂತರರು ಪ್ರಕಟಣೆಯಲ್ಲಿ ತಿಳಿಸಿದ್ದಾರೆ.

OWNER , PUBLISHER & PRINTER K. M. REKHA PUBLISHED AT HOSPET TIMES, APOORVA OFFSET PRINTERS , SACHIDANAND LANE , MAIN BAZAR , HOSAPETE , BALLARI & PRINTED AT APOORVA OFFSET PRINTERS ,
SACHIDANAND LANE , MAIN BAZAR , HOSAPETE , BALLARI , EDITOR K. M. REKHA. EMAIL : hospettimes@gmail.com, Mob No 94484 41484.
